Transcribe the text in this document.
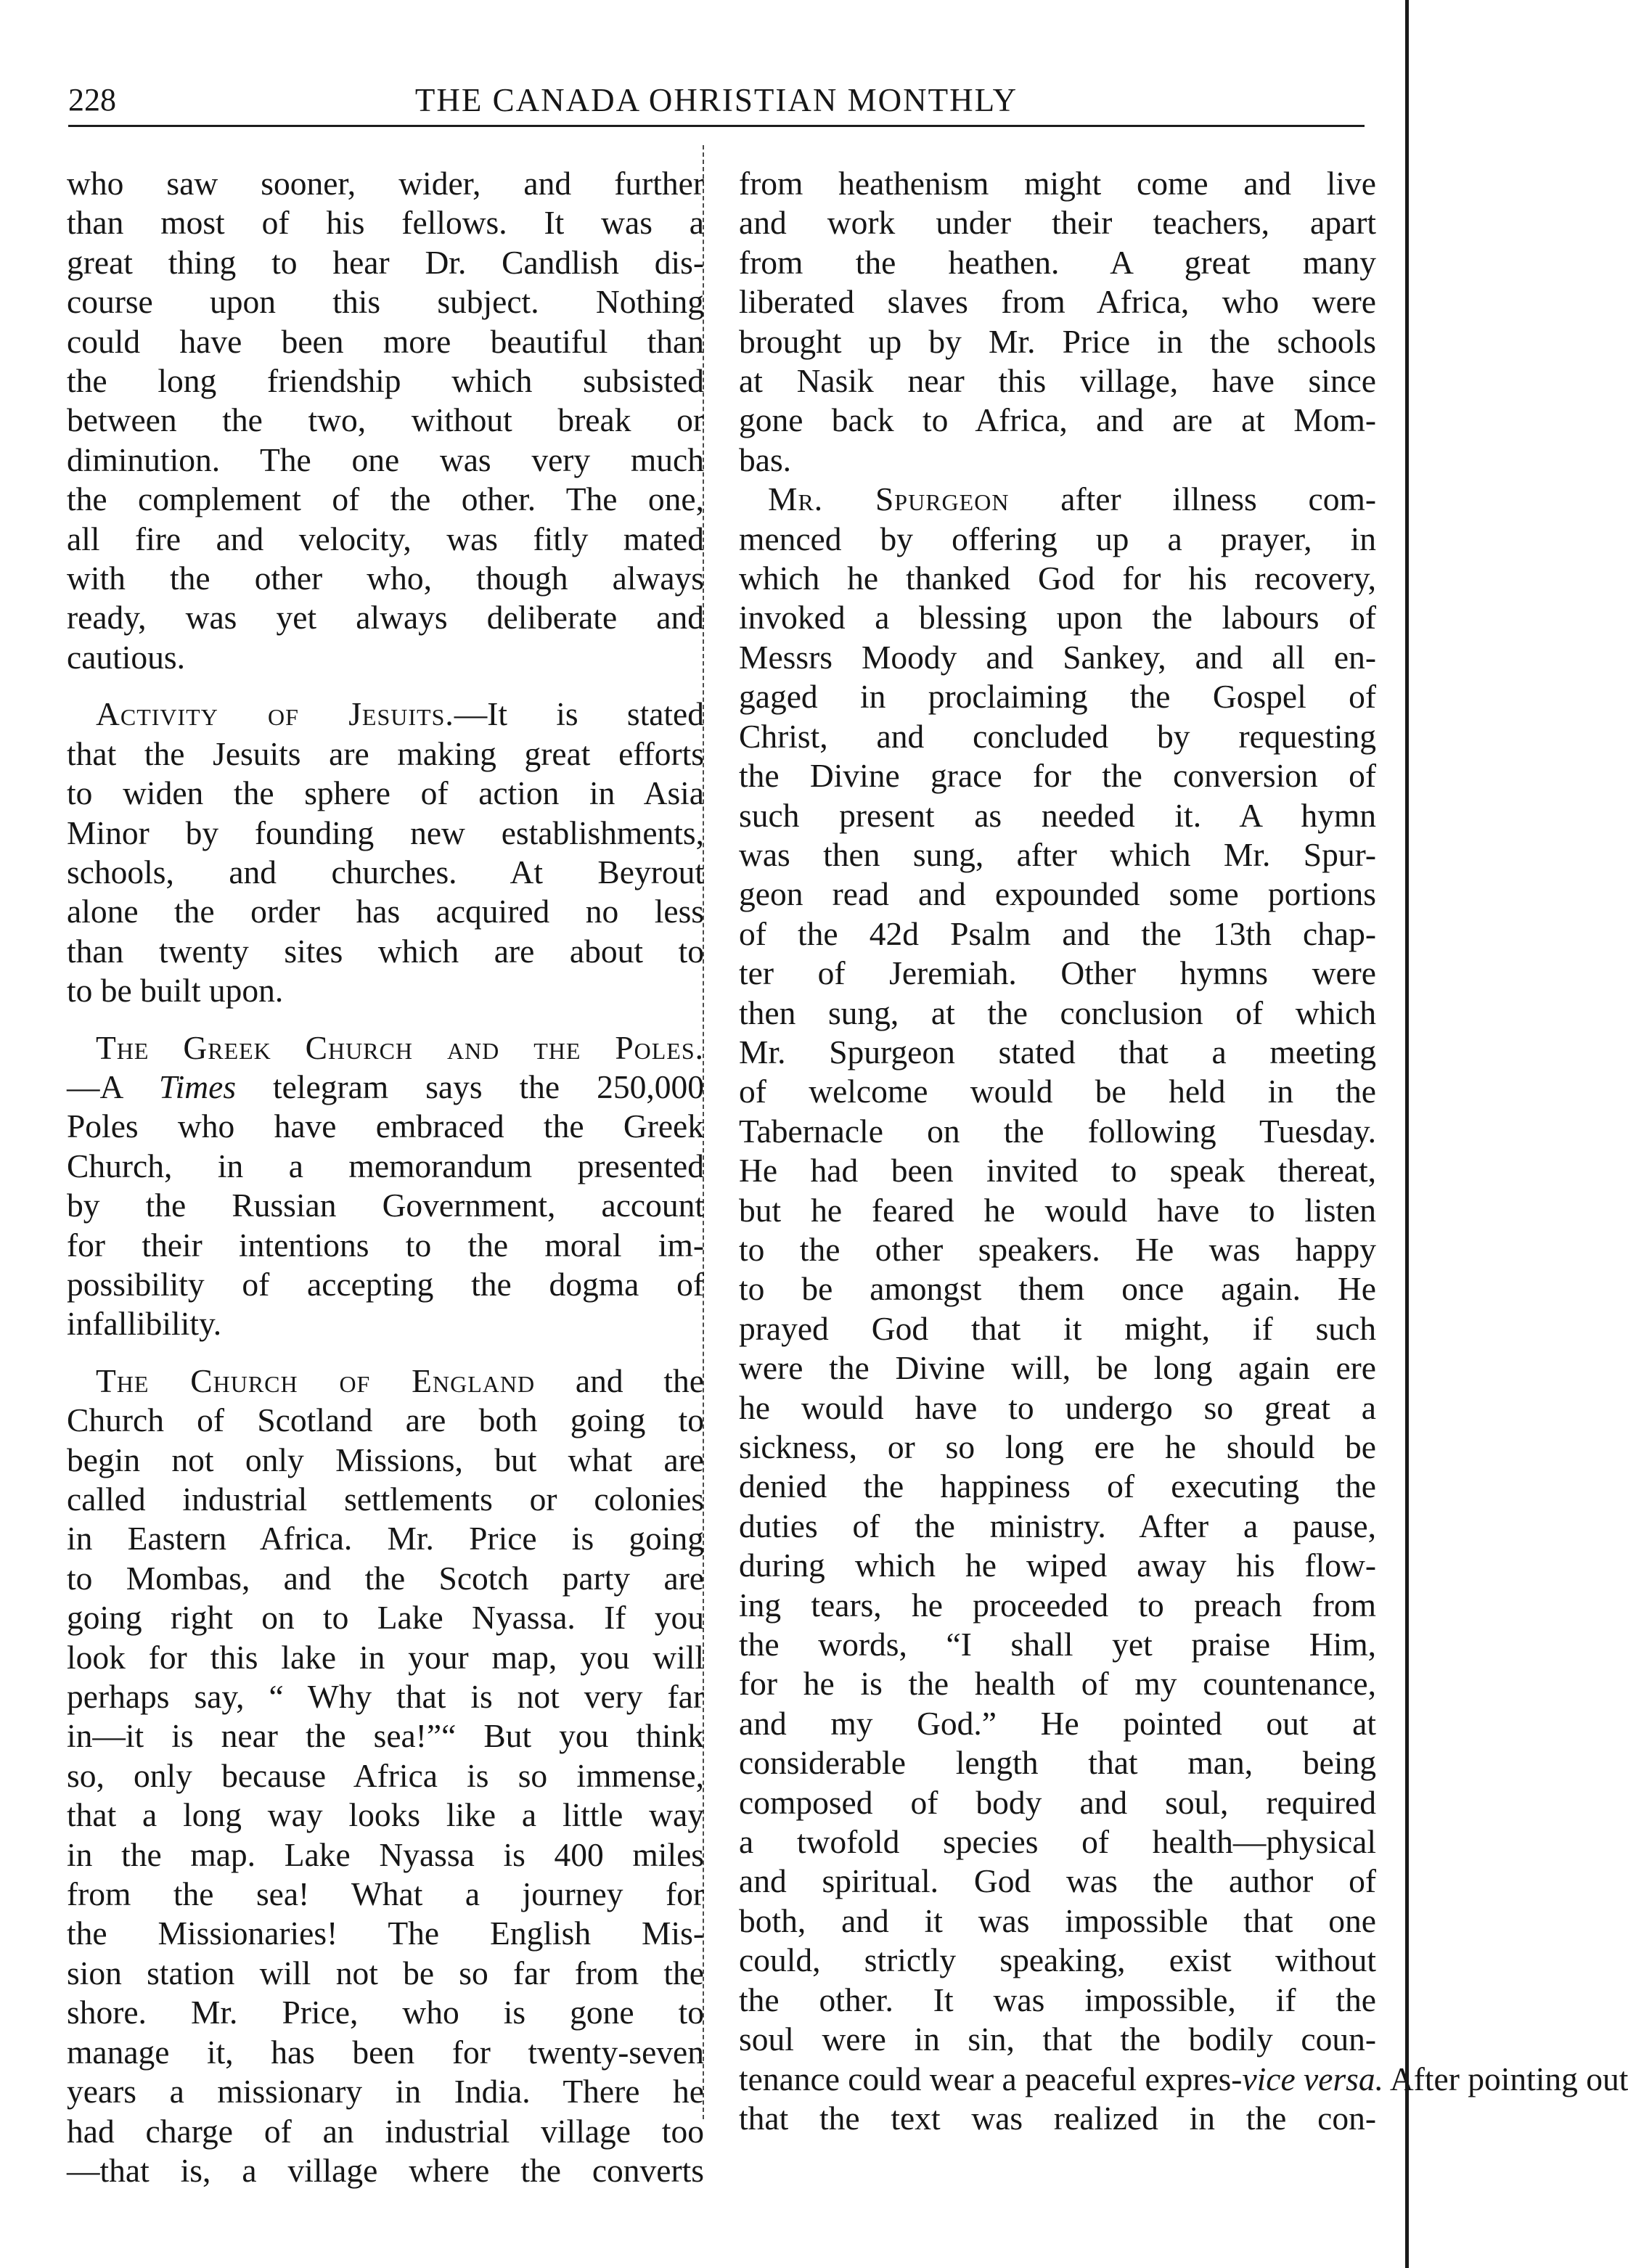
228	THE CANADA OHRISTIAN MONTHLY
who saw sooner, wider, and further
than most of his fellows. It was a
great thing to hear Dr. Candlish dis-
course upon this subject. Nothing
could have been more beautiful than
the long friendship which subsisted
between the two, without break or
diminution. The one was very much
the complement of the other. The one,
all fire and velocity, was fitly mated
with the other who, though always
ready, was yet always deliberate and
cautious.
Activity of Jesuits.—It is stated
that the Jesuits are making great efforts
to widen the sphere of action in Asia
Minor by founding new establishments,
schools, and churches. At Beyrout
alone the order has acquired no less
than twenty sites which are about to
to be built upon.
The Greek Church and the Poles.
—A Times telegram says the 250,000
Poles who have embraced the Greek
Church, in a memorandum presented
by the Russian Government, account
for their intentions to the moral im-
possibility of accepting the dogma of
infallibility.
The Church of England and the
Church of Scotland are both going to
begin not only Missions, but what are
called industrial settlements or colonies
in Eastern Africa. Mr. Price is going
to Mombas, and the Scotch party are
going right on to Lake Nyassa. If you
look for this lake in your map, you will
perhaps say, “ Why that is not very far
in—it is near the sea!”“ But you think
so, only because Africa is so immense,
that a long way looks like a little way
in the map. Lake Nyassa is 400 miles
from the sea! What a journey for
the Missionaries! The English Mis-
sion station will not be so far from the
shore. Mr. Price, who is gone to
manage it, has been for twenty-seven
years a missionary in India. There he
had charge of an industrial village too
—that is, a village where the converts
from heathenism might come and live
and work under their teachers, apart
from the heathen. A great many
liberated slaves from Africa, who were
brought up by Mr. Price in the schools
at Nasik near this village, have since
gone back to Africa, and are at Mom-
bas.
Mr. Spurgeon after illness com-
menced by offering up a prayer, in
which he thanked God for his recovery,
invoked a blessing upon the labours of
Messrs Moody and Sankey, and all en-
gaged in proclaiming the Gospel of
Christ, and concluded by requesting
the Divine grace for the conversion of
such present as needed it. A hymn
was then sung, after which Mr. Spur-
geon read and expounded some portions
of the 42d Psalm and the 13th chap-
ter of Jeremiah. Other hymns were
then sung, at the conclusion of which
Mr. Spurgeon stated that a meeting
of welcome would be held in the
Tabernacle on the following Tuesday.
He had been invited to speak thereat,
but he feared he would have to listen
to the other speakers. He was happy
to be amongst them once again. He
prayed God that it might, if such
were the Divine will, be long again ere
he would have to undergo so great a
sickness, or so long ere he should be
denied the happiness of executing the
duties of the ministry. After a pause,
during which he wiped away his flow-
ing tears, he proceeded to preach from
the words, “I shall yet praise Him,
for he is the health of my countenance,
and my God.” He pointed out at
considerable length that man, being
composed of body and soul, required
a twofold species of health—physical
and spiritual. God was the author of
both, and it was impossible that one
could, strictly speaking, exist without
the other. It was impossible, if the
soul were in sin, that the bodily coun-
tenance could wear a peaceful expres-vice versa. After pointing out
that the text was realized in the con-
